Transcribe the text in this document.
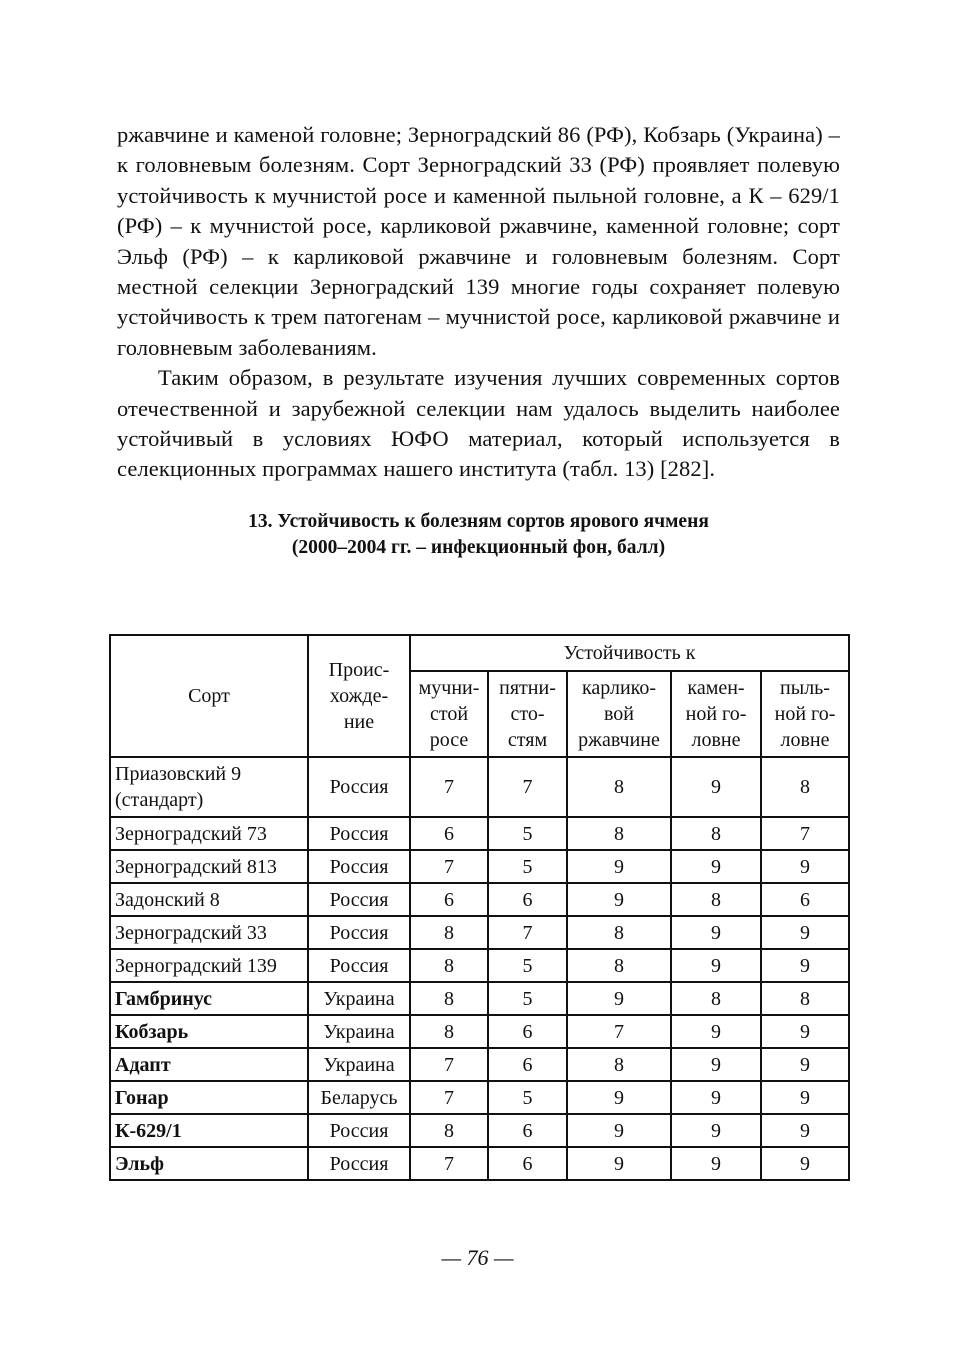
ржавчине и каменой головне; Зерноградский 86 (РФ), Кобзарь (Украина) – к головневым болезням. Сорт Зерноградский 33 (РФ) проявляет полевую устойчивость к мучнистой росе и каменной пыльной головне, а К – 629/1 (РФ) – к мучнистой росе, карликовой ржавчине, каменной головне; сорт Эльф (РФ) – к карликовой ржавчине и головневым болезням. Сорт местной селекции Зерноградский 139 многие годы сохраняет полевую устойчивость к трем патогенам – мучнистой росе, карликовой ржавчине и головневым заболеваниям.

Таким образом, в результате изучения лучших современных сортов отечественной и зарубежной селекции нам удалось выделить наиболее устойчивый в условиях ЮФО материал, который используется в селекционных программах нашего института (табл. 13) [282].

13. Устойчивость к болезням сортов ярового ячменя
(2000–2004 гг. – инфекционный фон, балл)
Сорт	Проис-хожде-ние	Устойчивость к				
		мучни-стой росе	пятни-сто-стям	карлико-вой ржавчине	камен-ной го-ловне	пыль-ной го-ловне
Приазовский 9 (стандарт)	Россия	7	7	8	9	8
Зерноградский 73	Россия	6	5	8	8	7
Зерноградский 813	Россия	7	5	9	9	9
Задонский 8	Россия	6	6	9	8	6
Зерноградский 33	Россия	8	7	8	9	9
Зерноградский 139	Россия	8	5	8	9	9
Гамбринус	Украина	8	5	9	8	8
Кобзарь	Украина	8	6	7	9	9
Адапт	Украина	7	6	8	9	9
Гонар	Беларусь	7	5	9	9	9
К-629/1	Россия	8	6	9	9	9
Эльф	Россия	7	6	9	9	9
— 76 —
